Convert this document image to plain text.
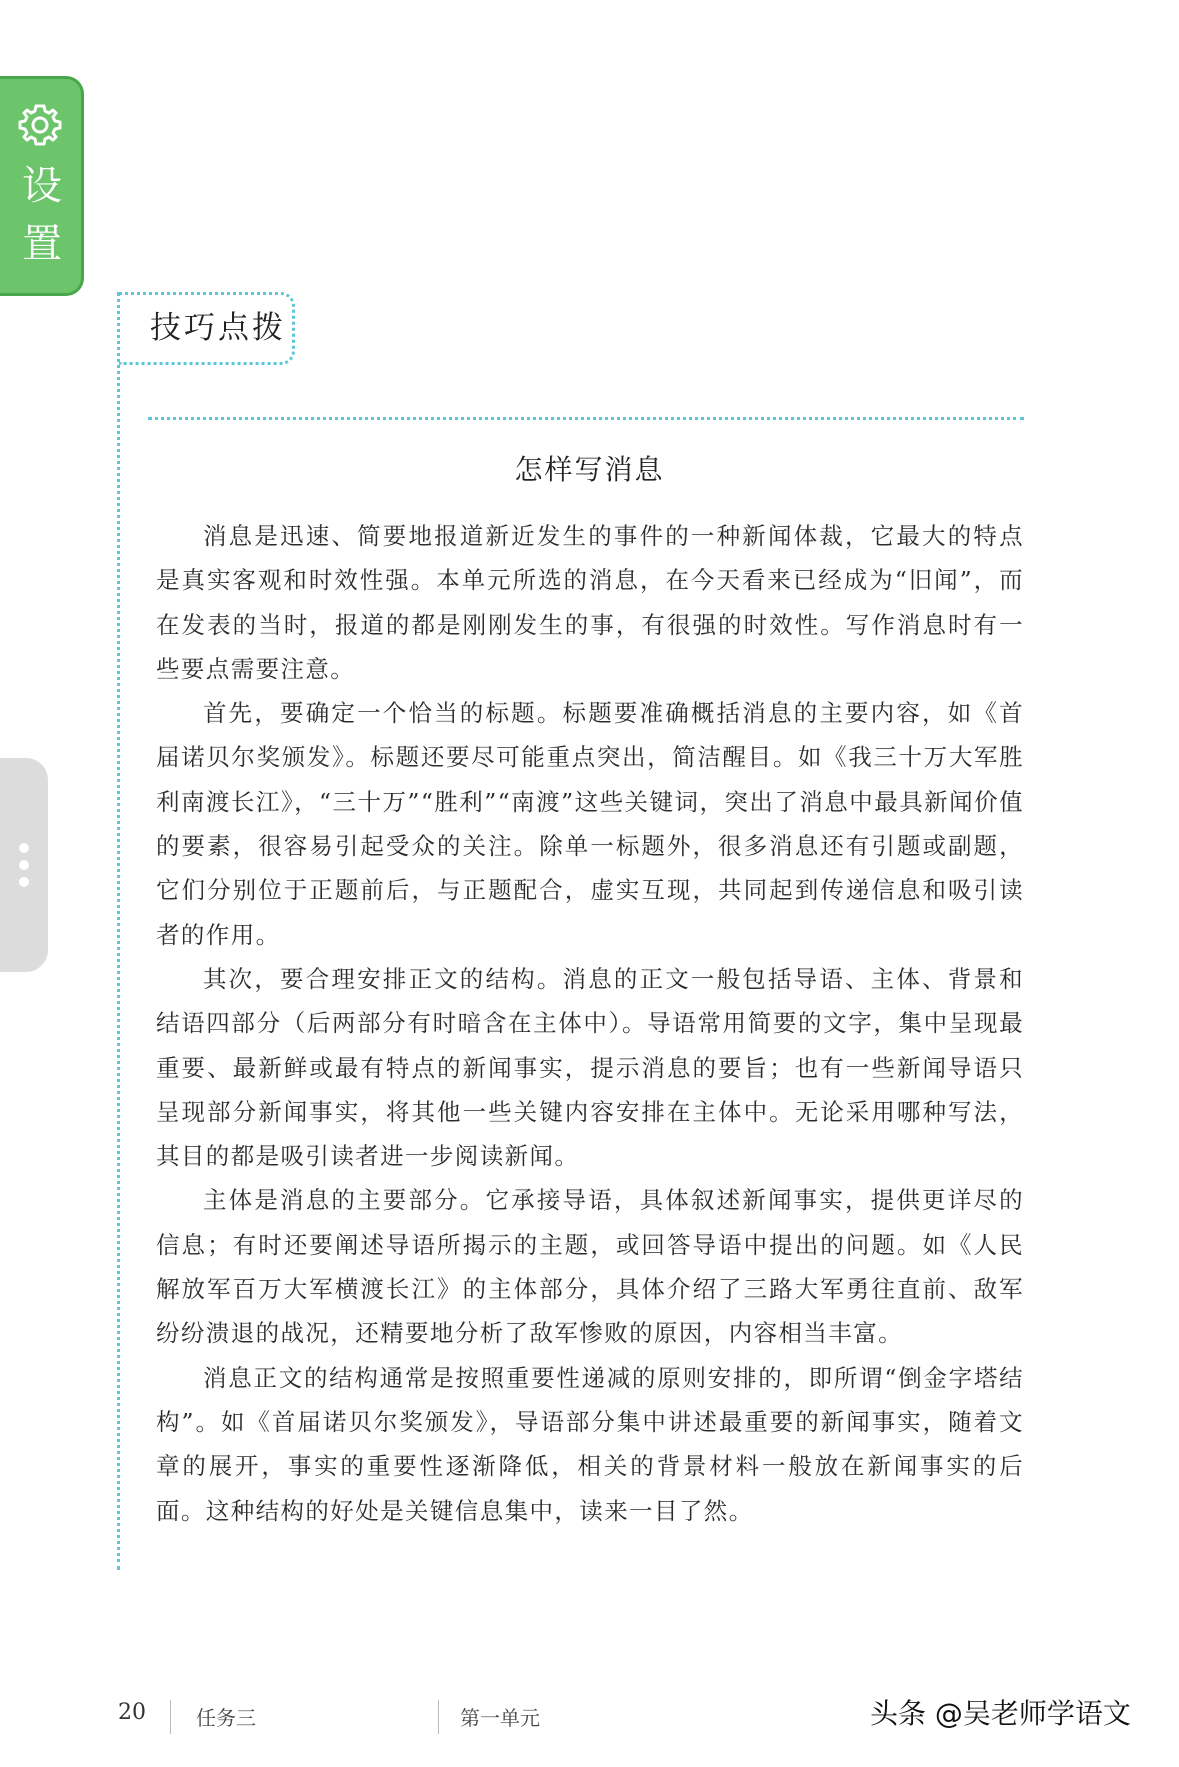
设
置
技巧点拨
怎样写消息

消息是迅速、简要地报道新近发生的事件的一种新闻体裁，它最大的特点是真实客观和时效性强。本单元所选的消息，在今天看来已经成为“旧闻”，而在发表的当时，报道的都是刚刚发生的事，有很强的时效性。写作消息时有一些要点需要注意。

首先，要确定一个恰当的标题。标题要准确概括消息的主要内容，如《首届诺贝尔奖颁发》。标题还要尽可能重点突出，简洁醒目。如《我三十万大军胜利南渡长江》，“三十万”“胜利”“南渡”这些关键词，突出了消息中最具新闻价值的要素，很容易引起受众的关注。除单一标题外，很多消息还有引题或副题，它们分别位于正题前后，与正题配合，虚实互现，共同起到传递信息和吸引读者的作用。

其次，要合理安排正文的结构。消息的正文一般包括导语、主体、背景和结语四部分（后两部分有时暗含在主体中）。导语常用简要的文字，集中呈现最重要、最新鲜或最有特点的新闻事实，提示消息的要旨；也有一些新闻导语只呈现部分新闻事实，将其他一些关键内容安排在主体中。无论采用哪种写法，其目的都是吸引读者进一步阅读新闻。

主体是消息的主要部分。它承接导语，具体叙述新闻事实，提供更详尽的信息；有时还要阐述导语所揭示的主题，或回答导语中提出的问题。如《人民解放军百万大军横渡长江》的主体部分，具体介绍了三路大军勇往直前、敌军纷纷溃退的战况，还精要地分析了敌军惨败的原因，内容相当丰富。

消息正文的结构通常是按照重要性递减的原则安排的，即所谓“倒金字塔结构”。如《首届诺贝尔奖颁发》，导语部分集中讲述最重要的新闻事实，随着文章的展开，事实的重要性逐渐降低，相关的背景材料一般放在新闻事实的后面。这种结构的好处是关键信息集中，读来一目了然。

20	任务三	第一单元	头条 @吴老师学语文
